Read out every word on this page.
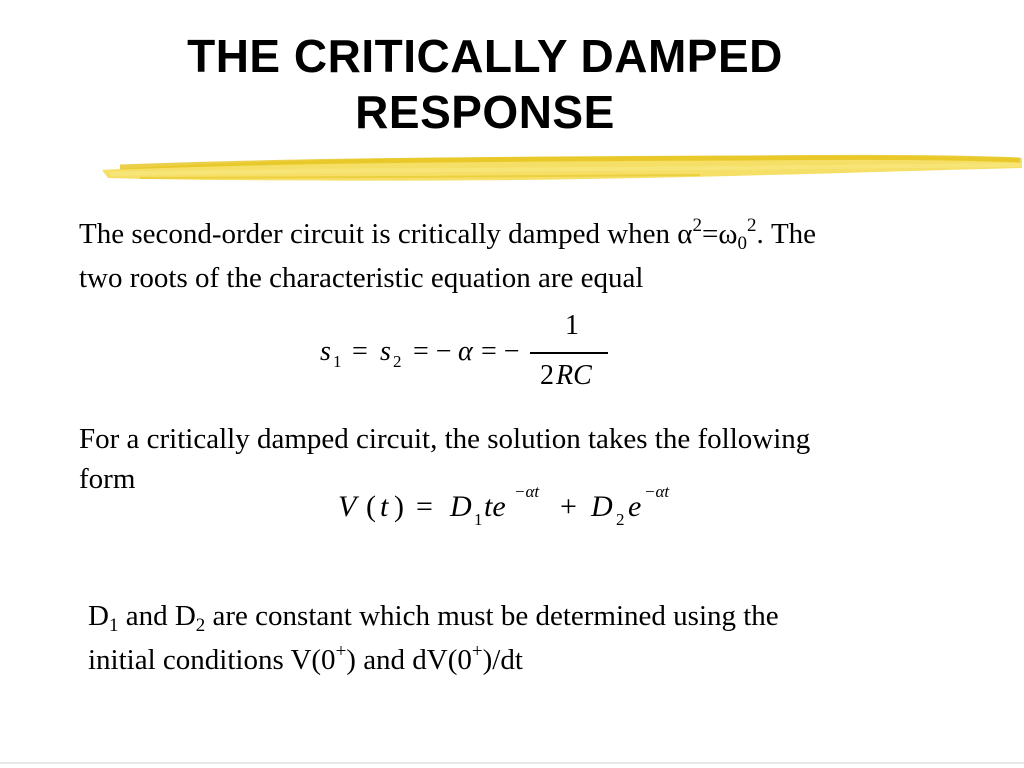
THE CRITICALLY DAMPED
RESPONSE
The second-order circuit is critically damped when $\alpha^2=\omega_0^2$. The
two roots of the characteristic equation are equal
s 1 = s 2 = − α = −
1
2 RC
For a critically damped circuit, the solution takes the following
form
V ( t ) = D 1 te −αt + D 2 e −αt
$D_1$ and $D_2$ are constant which must be determined using the
initial conditions V(0+) and dV(0+)/dt
